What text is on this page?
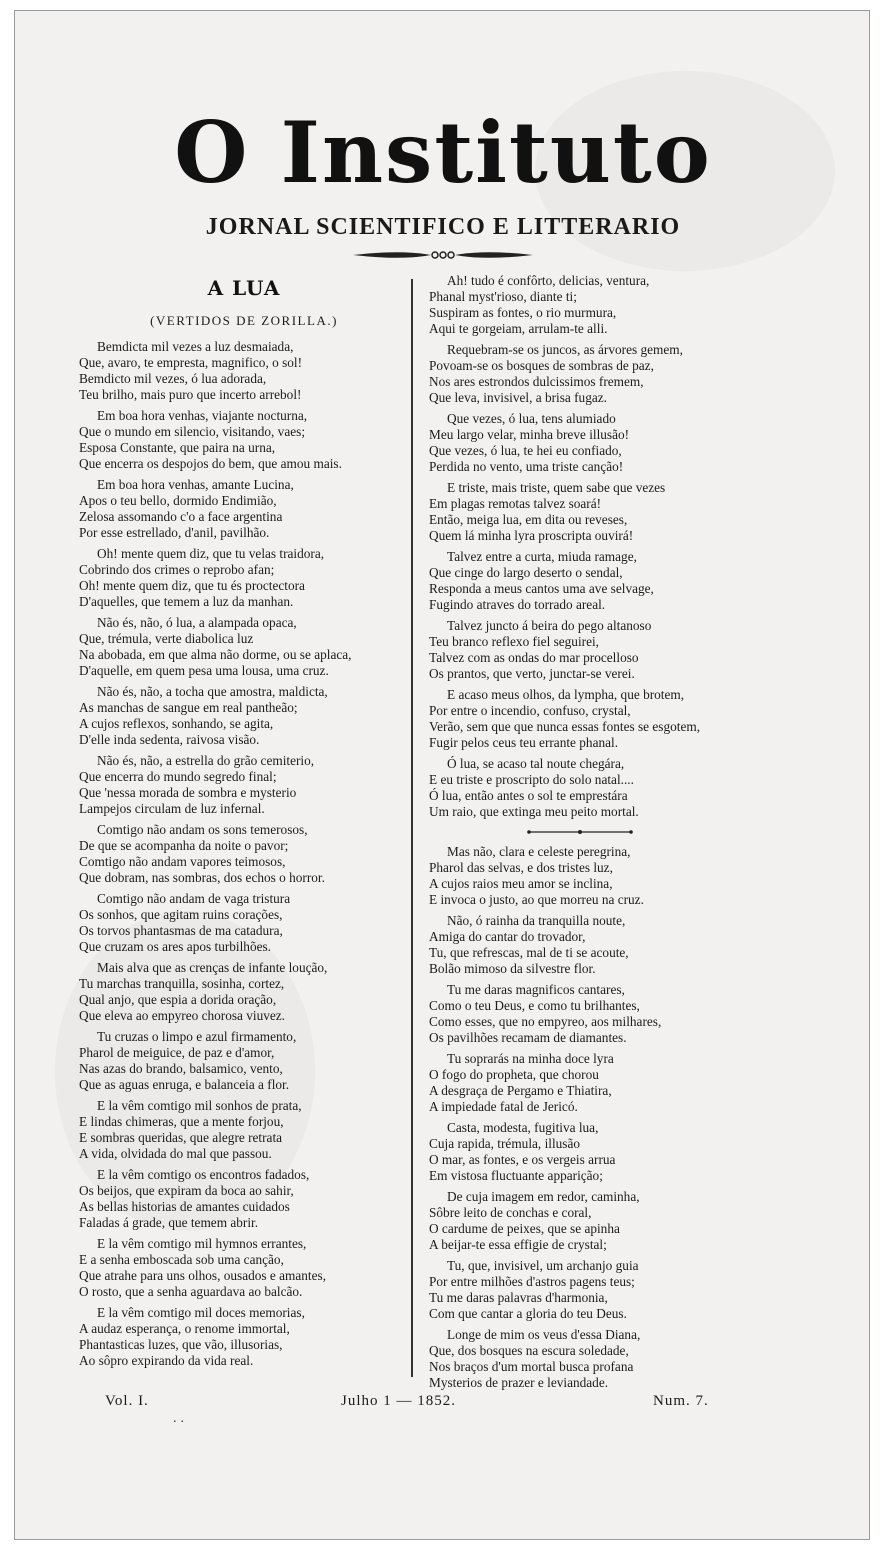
O Instituto
JORNAL SCIENTIFICO E LITTERARIO
A LUA
(VERTIDOS DE ZORILLA.)
Bemdicta mil vezes a luz desmaiada,
Que, avaro, te empresta, magnifico, o sol!
Bemdicto mil vezes, ó lua adorada,
Teu brilho, mais puro que incerto arrebol!
Em boa hora venhas, viajante nocturna,
Que o mundo em silencio, visitando, vaes;
Esposa Constante, que paira na urna,
Que encerra os despojos do bem, que amou mais.
Em boa hora venhas, amante Lucina,
Apos o teu bello, dormido Endimião,
Zelosa assomando c'o a face argentina
Por esse estrellado, d'anil, pavilhão.
Oh! mente quem diz, que tu velas traidora,
Cobrindo dos crimes o reprobo afan;
Oh! mente quem diz, que tu és proctectora
D'aquelles, que temem a luz da manhan.
Não és, não, ó lua, a alampada opaca,
Que, trémula, verte diabolica luz
Na abobada, em que alma não dorme, ou se aplaca,
D'aquelle, em quem pesa uma lousa, uma cruz.
Não és, não, a tocha que amostra, maldicta,
As manchas de sangue em real pantheão;
A cujos reflexos, sonhando, se agita,
D'elle inda sedenta, raivosa visão.
Não és, não, a estrella do grão cemiterio,
Que encerra do mundo segredo final;
Que 'nessa morada de sombra e mysterio
Lampejos circulam de luz infernal.
Comtigo não andam os sons temerosos,
De que se acompanha da noite o pavor;
Comtigo não andam vapores teimosos,
Que dobram, nas sombras, dos echos o horror.
Comtigo não andam de vaga tristura
Os sonhos, que agitam ruins corações,
Os torvos phantasmas de ma catadura,
Que cruzam os ares apos turbilhões.
Mais alva que as crenças de infante loução,
Tu marchas tranquilla, sosinha, cortez,
Qual anjo, que espia a dorida oração,
Que eleva ao empyreo chorosa viuvez.
Tu cruzas o limpo e azul firmamento,
Pharol de meiguice, de paz e d'amor,
Nas azas do brando, balsamico, vento,
Que as aguas enruga, e balanceia a flor.
E la vêm comtigo mil sonhos de prata,
E lindas chimeras, que a mente forjou,
E sombras queridas, que alegre retrata
A vida, olvidada do mal que passou.
E la vêm comtigo os encontros fadados,
Os beijos, que expiram da boca ao sahir,
As bellas historias de amantes cuidados
Faladas á grade, que temem abrir.
E la vêm comtigo mil hymnos errantes,
E a senha emboscada sob uma canção,
Que atrahe para uns olhos, ousados e amantes,
O rosto, que a senha aguardava ao balcão.
E la vêm comtigo mil doces memorias,
A audaz esperança, o renome immortal,
Phantasticas luzes, que vão, illusorias,
Ao sôpro expirando da vida real.
Ah! tudo é confôrto, delicias, ventura,
Phanal myst'rioso, diante ti;
Suspiram as fontes, o rio murmura,
Aqui te gorgeiam, arrulam-te alli.
Requebram-se os juncos, as árvores gemem,
Povoam-se os bosques de sombras de paz,
Nos ares estrondos dulcissimos fremem,
Que leva, invisivel, a brisa fugaz.
Que vezes, ó lua, tens alumiado
Meu largo velar, minha breve illusão!
Que vezes, ó lua, te hei eu confiado,
Perdida no vento, uma triste canção!
E triste, mais triste, quem sabe que vezes
Em plagas remotas talvez soará!
Então, meiga lua, em dita ou reveses,
Quem lá minha lyra proscripta ouvirá!
Talvez entre a curta, miuda ramage,
Que cinge do largo deserto o sendal,
Responda a meus cantos uma ave selvage,
Fugindo atraves do torrado areal.
Talvez juncto á beira do pego altanoso
Teu branco reflexo fiel seguirei,
Talvez com as ondas do mar procelloso
Os prantos, que verto, junctar-se verei.
E acaso meus olhos, da lympha, que brotem,
Por entre o incendio, confuso, crystal,
Verão, sem que que nunca essas fontes se esgotem,
Fugir pelos ceus teu errante phanal.
Ó lua, se acaso tal noute chegára,
E eu triste e proscripto do solo natal....
Ó lua, então antes o sol te emprestára
Um raio, que extinga meu peito mortal.
Mas não, clara e celeste peregrina,
Pharol das selvas, e dos tristes luz,
A cujos raios meu amor se inclina,
E invoca o justo, ao que morreu na cruz.
Não, ó rainha da tranquilla noute,
Amiga do cantar do trovador,
Tu, que refrescas, mal de ti se acoute,
Bolão mimoso da silvestre flor.
Tu me daras magnificos cantares,
Como o teu Deus, e como tu brilhantes,
Como esses, que no empyreo, aos milhares,
Os pavilhões recamam de diamantes.
Tu soprarás na minha doce lyra
O fogo do propheta, que chorou
A desgraça de Pergamo e Thiatira,
A impiedade fatal de Jericó.
Casta, modesta, fugitiva lua,
Cuja rapida, trémula, illusão
O mar, as fontes, e os vergeis arrua
Em vistosa fluctuante apparição;
De cuja imagem em redor, caminha,
Sôbre leito de conchas e coral,
O cardume de peixes, que se apinha
A beijar-te essa effigie de crystal;
Tu, que, invisivel, um archanjo guia
Por entre milhões d'astros pagens teus;
Tu me daras palavras d'harmonia,
Com que cantar a gloria do teu Deus.
Longe de mim os veus d'essa Diana,
Que, dos bosques na escura soledade,
Nos braços d'um mortal busca profana
Mysterios de prazer e leviandade.
Vol. I.	Julho 1 — 1852.	Num. 7.
..
